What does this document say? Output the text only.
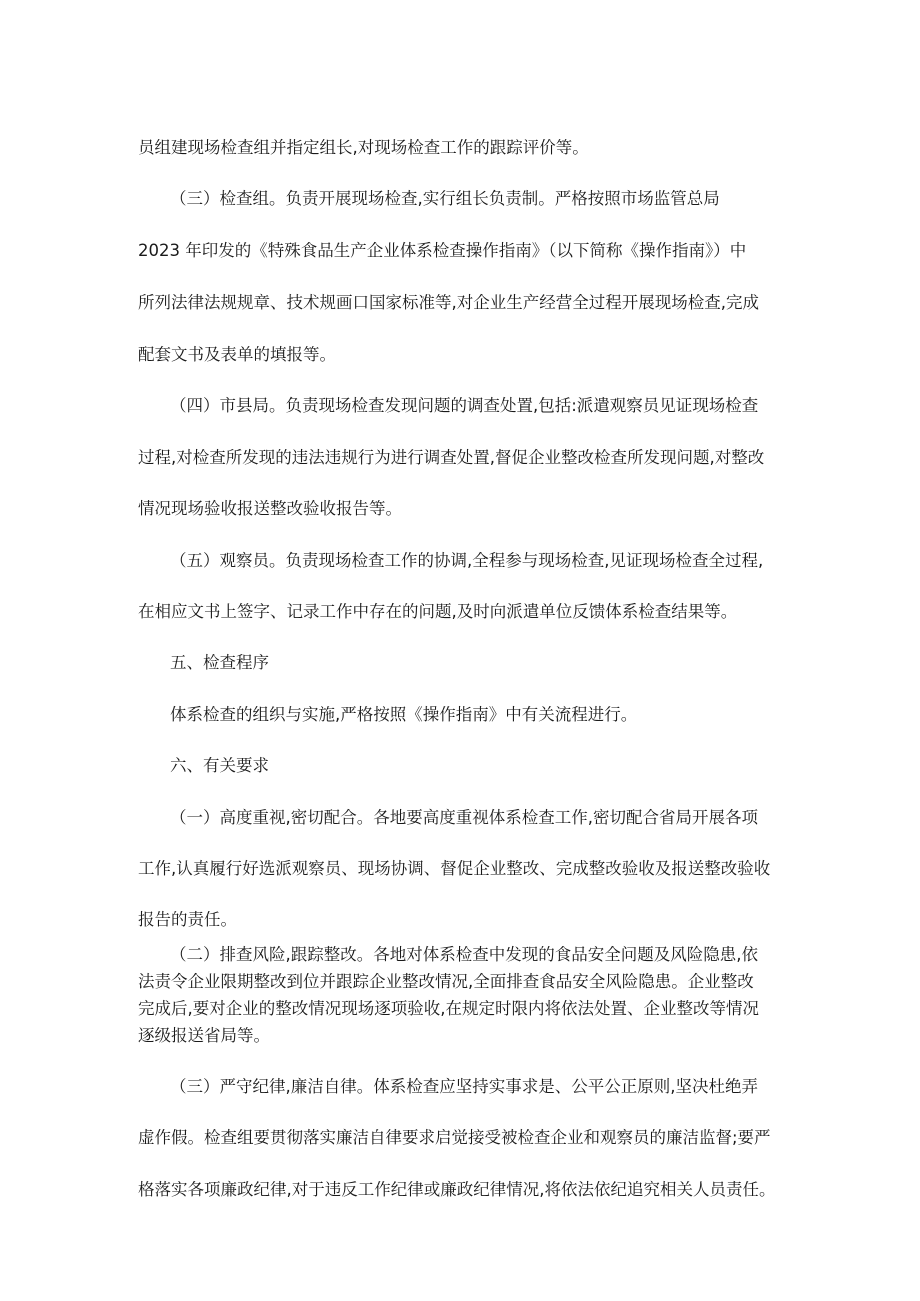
员组建现场检查组并指定组长,对现场检查工作的跟踪评价等。
（三）检查组。负责开展现场检查,实行组长负责制。严格按照市场监管总局
2023 年印发的《特殊食品生产企业体系检查操作指南》（以下简称《操作指南》）中
所列法律法规规章、技术规画口国家标准等,对企业生产经营全过程开展现场检查,完成
配套文书及表单的填报等。
（四）市县局。负责现场检查发现问题的调查处置,包括:派遣观察员见证现场检查
过程,对检查所发现的违法违规行为进行调查处置,督促企业整改检查所发现问题,对整改
情况现场验收报送整改验收报告等。
（五）观察员。负责现场检查工作的协调,全程参与现场检查,见证现场检查全过程,
在相应文书上签字、记录工作中存在的问题,及时向派遣单位反馈体系检查结果等。
五、检查程序
体系检查的组织与实施,严格按照《操作指南》中有关流程进行。
六、有关要求
（一）高度重视,密切配合。各地要高度重视体系检查工作,密切配合省局开展各项
工作,认真履行好选派观察员、现场协调、督促企业整改、完成整改验收及报送整改验收
报告的责任。
（二）排查风险,跟踪整改。各地对体系检查中发现的食品安全问题及风险隐患,依
法责令企业限期整改到位并跟踪企业整改情况,全面排查食品安全风险隐患。企业整改
完成后,要对企业的整改情况现场逐项验收,在规定时限内将依法处置、企业整改等情况
逐级报送省局等。
（三）严守纪律,廉洁自律。体系检查应坚持实事求是、公平公正原则,坚决杜绝弄
虚作假。检查组要贯彻落实廉洁自律要求启觉接受被检查企业和观察员的廉洁监督;要严
格落实各项廉政纪律,对于违反工作纪律或廉政纪律情况,将依法依纪追究相关人员责任。
